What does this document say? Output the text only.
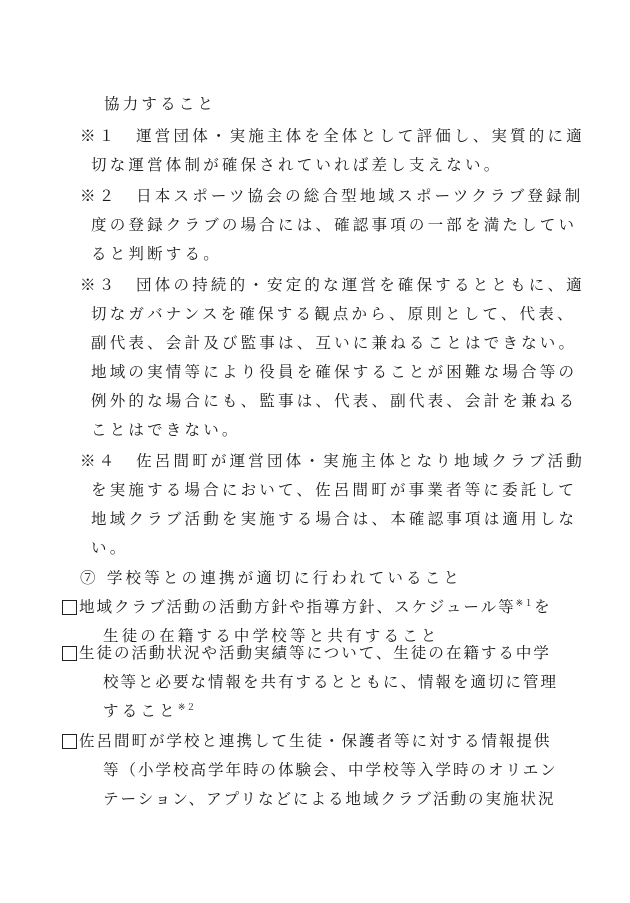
協力すること
※１　運営団体・実施主体を全体として評価し、実質的に適
切な運営体制が確保されていれば差し支えない。
※２　日本スポーツ協会の総合型地域スポーツクラブ登録制
度の登録クラブの場合には、確認事項の一部を満たしてい
ると判断する。
※３　団体の持続的・安定的な運営を確保するとともに、適
切なガバナンスを確保する観点から、原則として、代表、
副代表、会計及び監事は、互いに兼ねることはできない。
地域の実情等により役員を確保することが困難な場合等の
例外的な場合にも、監事は、代表、副代表、会計を兼ねる
ことはできない。
※４　佐呂間町が運営団体・実施主体となり地域クラブ活動
を実施する場合において、佐呂間町が事業者等に委託して
地域クラブ活動を実施する場合は、本確認事項は適用しな
い。
⑦ 学校等との連携が適切に行われていること
地域クラブ活動の活動方針や指導方針、スケジュール等$^{※1}$を
生徒の在籍する中学校等と共有すること
生徒の活動状況や活動実績等について、生徒の在籍する中学
校等と必要な情報を共有するとともに、情報を適切に管理
すること$^{※2}$
佐呂間町が学校と連携して生徒・保護者等に対する情報提供
等（小学校高学年時の体験会、中学校等入学時のオリエン
テーション、アプリなどによる地域クラブ活動の実施状況
